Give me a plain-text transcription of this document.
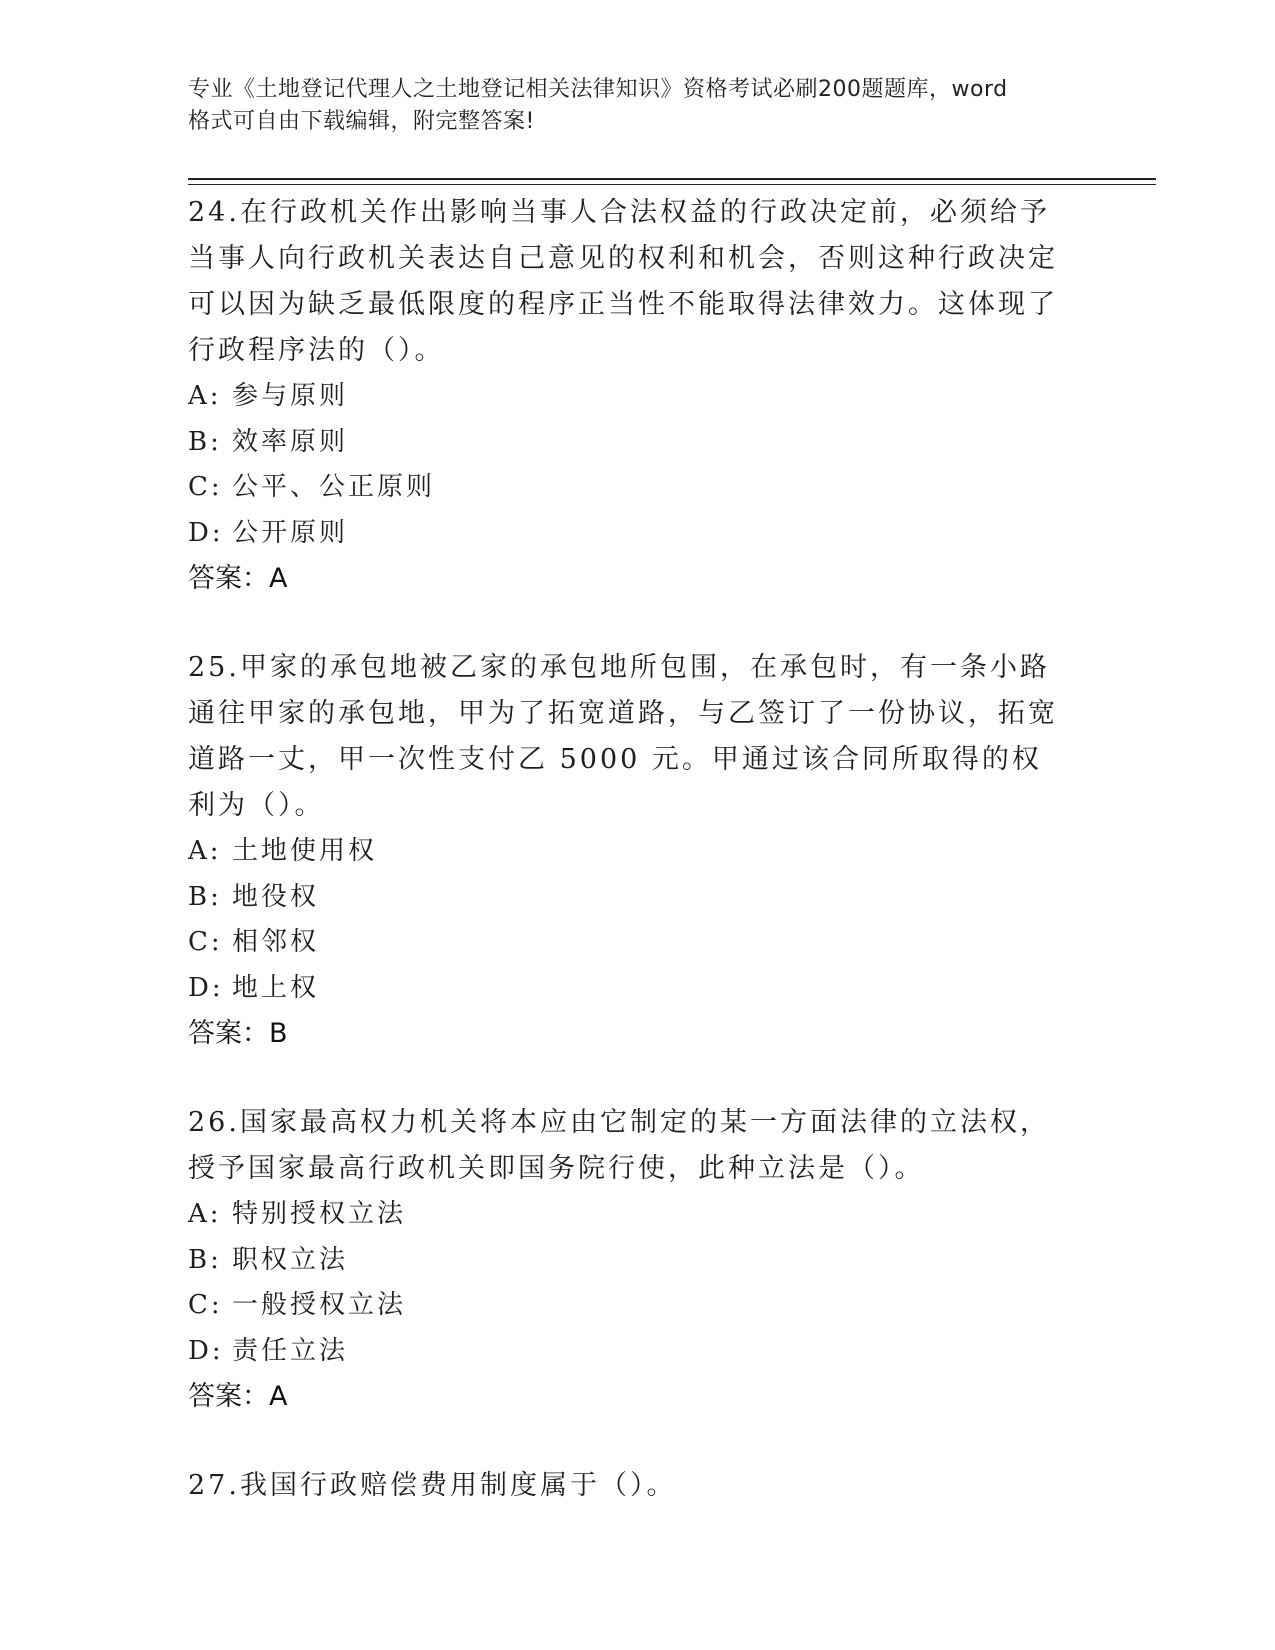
专业《土地登记代理人之土地登记相关法律知识》资格考试必刷200题题库，word
格式可自由下载编辑，附完整答案!

24.在行政机关作出影响当事人合法权益的行政决定前，必须给予当事人向行政机关表达自己意见的权利和机会，否则这种行政决定可以因为缺乏最低限度的程序正当性不能取得法律效力。这体现了行政程序法的（）。

A: 参与原则
B: 效率原则
C: 公平、公正原则
D: 公开原则

答案：A

25.甲家的承包地被乙家的承包地所包围，在承包时，有一条小路通往甲家的承包地，甲为了拓宽道路，与乙签订了一份协议，拓宽道路一丈，甲一次性支付乙 5000 元。甲通过该合同所取得的权利为（）。

A: 土地使用权
B: 地役权
C: 相邻权
D: 地上权

答案：B

26.国家最高权力机关将本应由它制定的某一方面法律的立法权，授予国家最高行政机关即国务院行使，此种立法是（）。

A: 特别授权立法
B: 职权立法
C: 一般授权立法
D: 责任立法

答案：A

27.我国行政赔偿费用制度属于（）。
